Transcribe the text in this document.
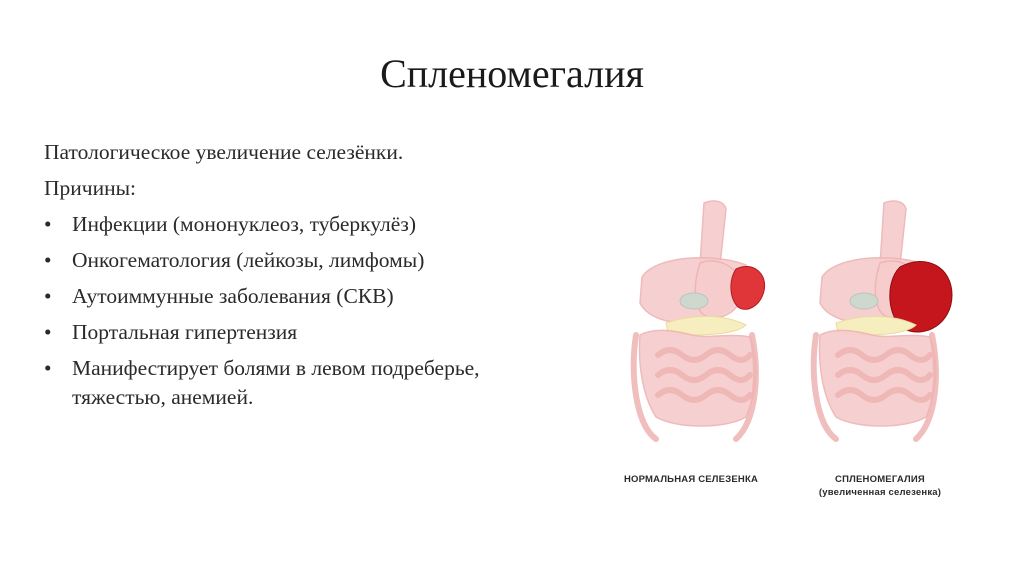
Спленомегалия

Патологическое увеличение селезёнки.

Причины:

• Инфекции (мононуклеоз, туберкулёз)
• Онкогематология (лейкозы, лимфомы)
• Аутоиммунные заболевания (СКВ)
• Портальная гипертензия
• Манифестирует болями в левом подреберье, тяжестью, анемией.
НОРМАЛЬНАЯ СЕЛЕЗЕНКА	СПЛЕНОМЕГАЛИЯ
(увеличенная селезенка)
